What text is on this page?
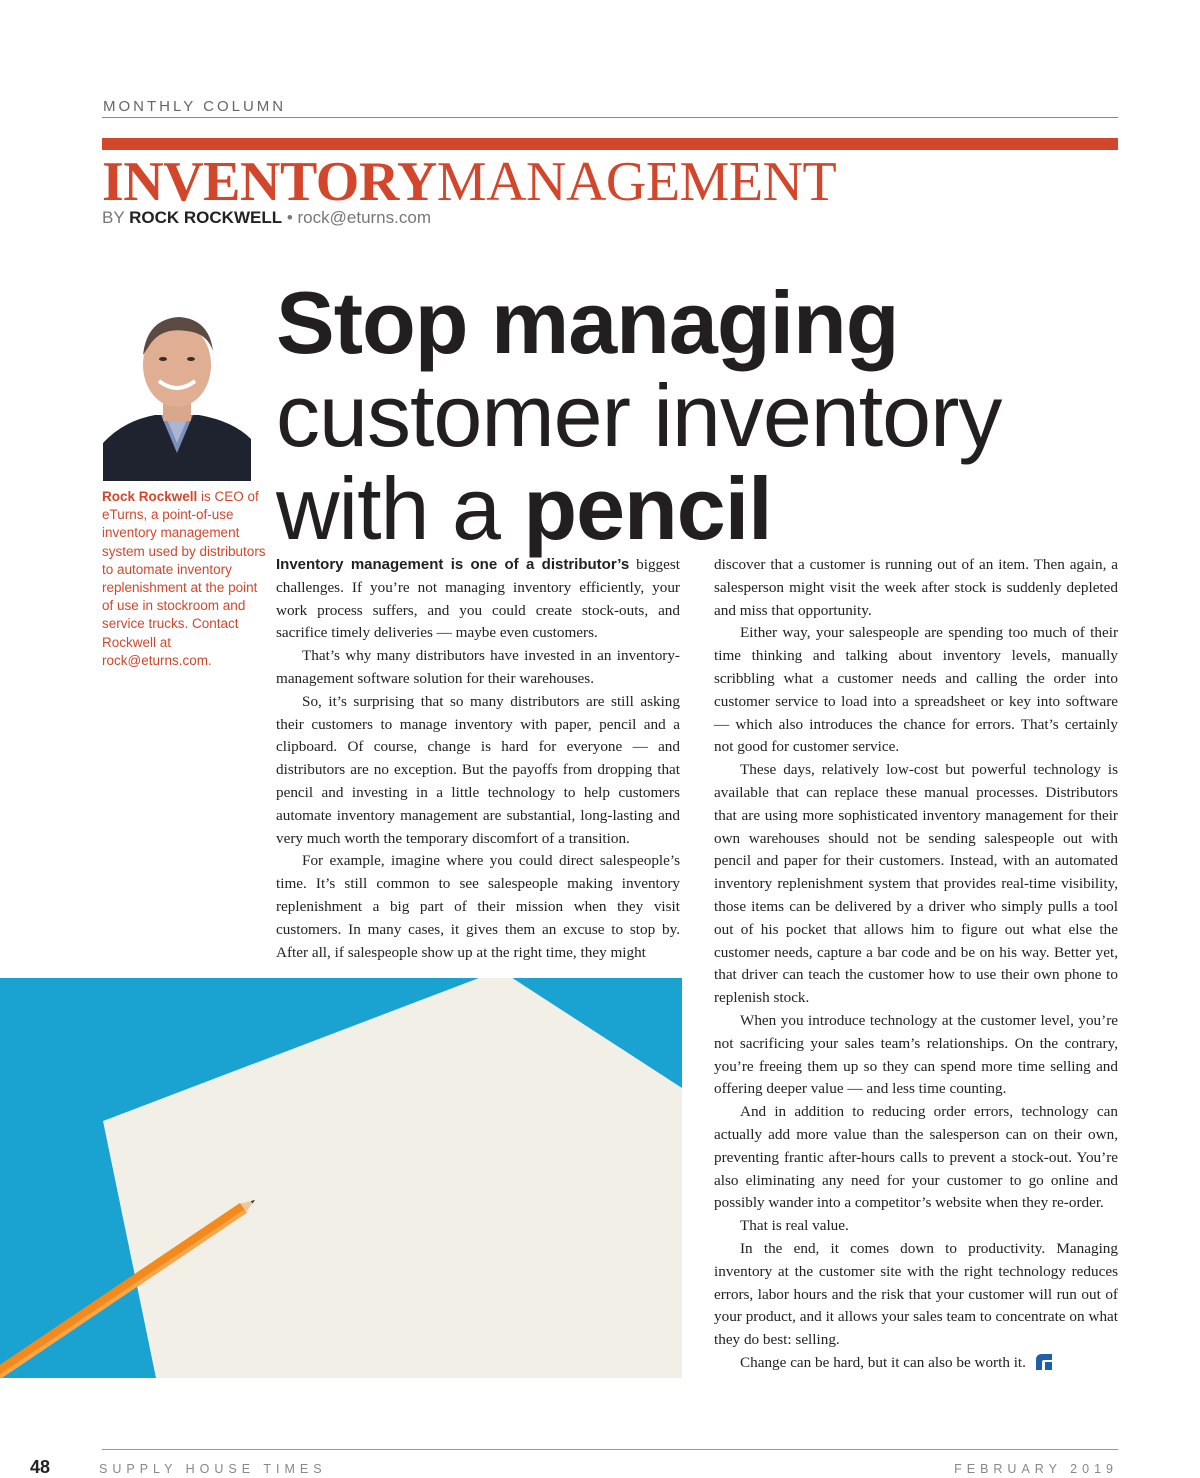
MONTHLY COLUMN
INVENTORYMANAGEMENT
BY ROCK ROCKWELL • rock@eturns.com
Rock Rockwell is CEO of eTurns, a point-of-use inventory management system used by distributors to automate inventory replenishment at the point of use in stockroom and service trucks. Contact Rockwell at rock@eturns.com.
Stop managing
customer inventory
with a pencil

Inventory management is one of a distributor’s biggest challenges. If you’re not managing inventory efficiently, your work process suffers, and you could create stock-outs, and sacrifice timely deliveries — maybe even customers.

That’s why many distributors have invested in an inventory-management software solution for their warehouses.

So, it’s surprising that so many distributors are still asking their customers to manage inventory with paper, pencil and a clipboard. Of course, change is hard for everyone — and distributors are no exception. But the payoffs from dropping that pencil and investing in a little technology to help customers automate inventory management are substantial, long-lasting and very much worth the temporary discomfort of a transition.

For example, imagine where you could direct salespeople’s time. It’s still common to see salespeople making inventory replenishment a big part of their mission when they visit customers. In many cases, it gives them an excuse to stop by. After all, if salespeople show up at the right time, they might

discover that a customer is running out of an item. Then again, a salesperson might visit the week after stock is suddenly depleted and miss that opportunity.

Either way, your salespeople are spending too much of their time thinking and talking about inventory levels, manually scribbling what a customer needs and calling the order into customer service to load into a spreadsheet or key into software — which also introduces the chance for errors. That’s certainly not good for customer service.

These days, relatively low-cost but powerful technology is available that can replace these manual processes. Distributors that are using more sophisticated inventory management for their own warehouses should not be sending salespeople out with pencil and paper for their customers. Instead, with an automated inventory replenishment system that provides real-time visibility, those items can be delivered by a driver who simply pulls a tool out of his pocket that allows him to figure out what else the customer needs, capture a bar code and be on his way. Better yet, that driver can teach the customer how to use their own phone to replenish stock.

When you introduce technology at the customer level, you’re not sacrificing your sales team’s relationships. On the contrary, you’re freeing them up so they can spend more time selling and offering deeper value — and less time counting.

And in addition to reducing order errors, technology can actually add more value than the salesperson can on their own, preventing frantic after-hours calls to prevent a stock-out. You’re also eliminating any need for your customer to go online and possibly wander into a competitor’s website when they re-order.

That is real value.

In the end, it comes down to productivity. Managing inventory at the customer site with the right technology reduces errors, labor hours and the risk that your customer will run out of your product, and it allows your sales team to concentrate on what they do best: selling.

Change can be hard, but it can also be worth it.

48	SUPPLY HOUSE TIMES	FEBRUARY 2019
